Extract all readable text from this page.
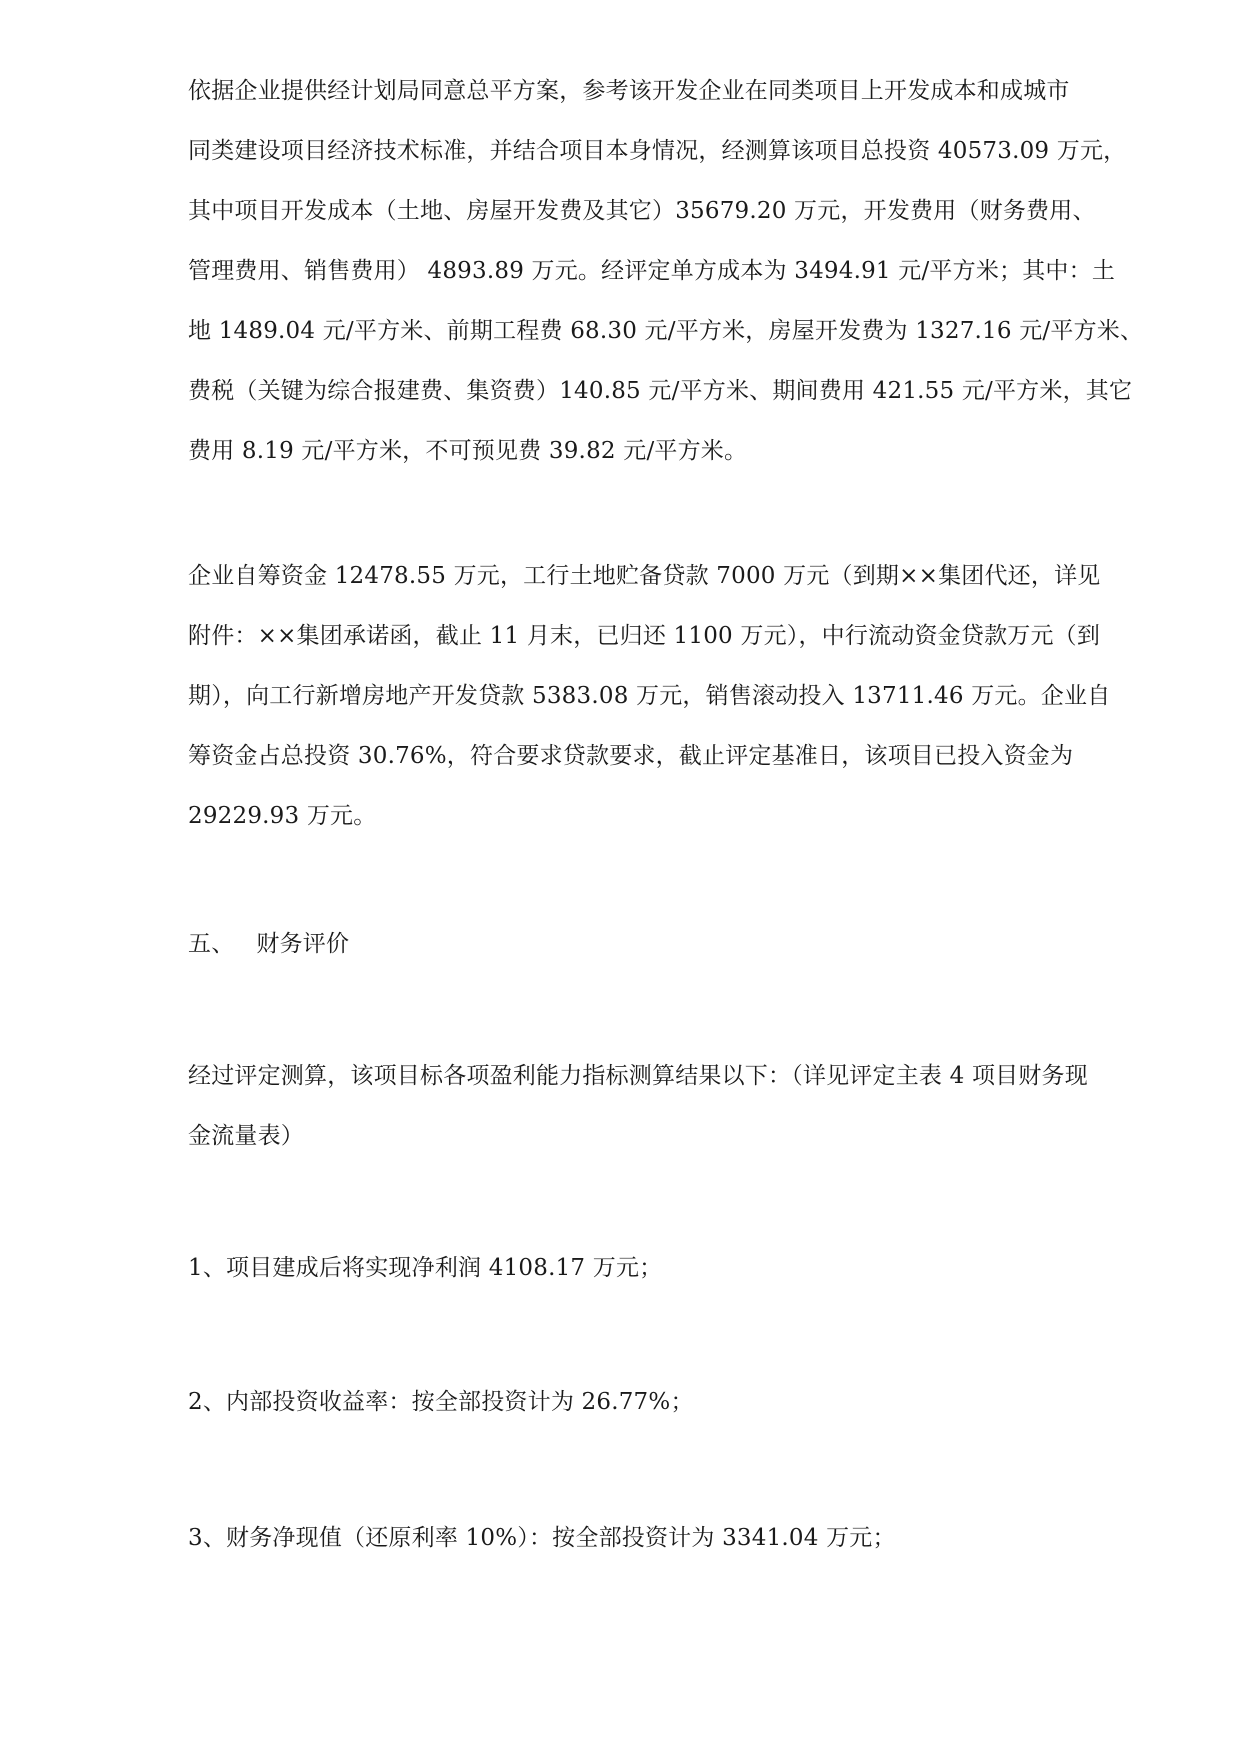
依据企业提供经计划局同意总平方案，参考该开发企业在同类项目上开发成本和成城市
同类建设项目经济技术标准，并结合项目本身情况，经测算该项目总投资 40573.09 万元，
其中项目开发成本（土地、房屋开发费及其它）35679.20 万元，开发费用（财务费用、
管理费用、销售费用） 4893.89 万元。经评定单方成本为 3494.91 元/平方米；其中：土
地 1489.04 元/平方米、前期工程费 68.30 元/平方米，房屋开发费为 1327.16 元/平方米、
费税（关键为综合报建费、集资费）140.85 元/平方米、期间费用 421.55 元/平方米，其它
费用 8.19 元/平方米，不可预见费 39.82 元/平方米。
企业自筹资金 12478.55 万元，工行土地贮备贷款 7000 万元（到期××集团代还，详见
附件：××集团承诺函，截止 11 月末，已归还 1100 万元），中行流动资金贷款万元（到
期），向工行新增房地产开发贷款 5383.08 万元，销售滚动投入 13711.46 万元。企业自
筹资金占总投资 30.76%，符合要求贷款要求，截止评定基准日，该项目已投入资金为
29229.93 万元。
五、 财务评价
经过评定测算，该项目标各项盈利能力指标测算结果以下：（详见评定主表 4 项目财务现
金流量表）
1、项目建成后将实现净利润 4108.17 万元；
2、内部投资收益率：按全部投资计为 26.77%；
3、财务净现值（还原利率 10%）：按全部投资计为 3341.04 万元；
